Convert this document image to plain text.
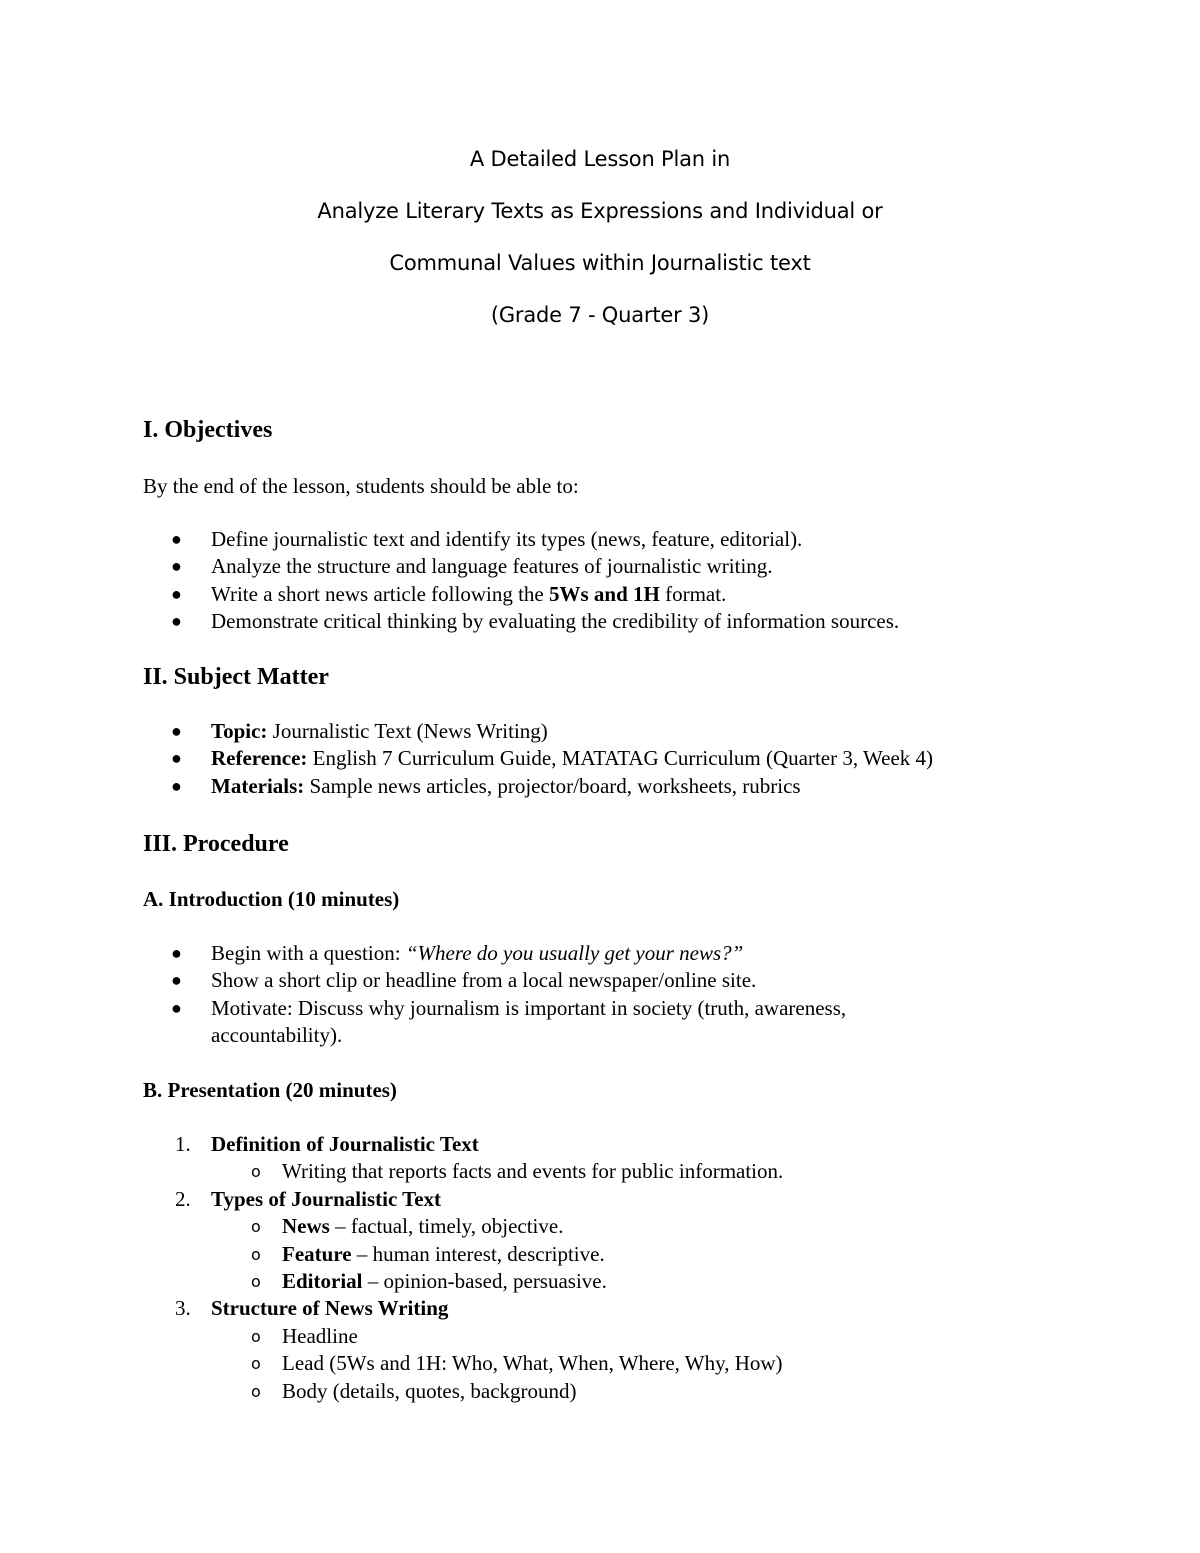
A Detailed Lesson Plan in
Analyze Literary Texts as Expressions and Individual or
Communal Values within Journalistic text
(Grade 7 - Quarter 3)
I. Objectives
By the end of the lesson, students should be able to:
● Define journalistic text and identify its types (news, feature, editorial).
● Analyze the structure and language features of journalistic writing.
● Write a short news article following the 5Ws and 1H format.
● Demonstrate critical thinking by evaluating the credibility of information sources.
II. Subject Matter
● Topic: Journalistic Text (News Writing)
● Reference: English 7 Curriculum Guide, MATATAG Curriculum (Quarter 3, Week 4)
● Materials: Sample news articles, projector/board, worksheets, rubrics
III. Procedure
A. Introduction (10 minutes)
● Begin with a question: “Where do you usually get your news?”
● Show a short clip or headline from a local newspaper/online site.
● Motivate: Discuss why journalism is important in society (truth, awareness,
accountability).
B. Presentation (20 minutes)
1. Definition of Journalistic Text
o Writing that reports facts and events for public information.
2. Types of Journalistic Text
o News – factual, timely, objective.
o Feature – human interest, descriptive.
o Editorial – opinion-based, persuasive.
3. Structure of News Writing
o Headline
o Lead (5Ws and 1H: Who, What, When, Where, Why, How)
o Body (details, quotes, background)
